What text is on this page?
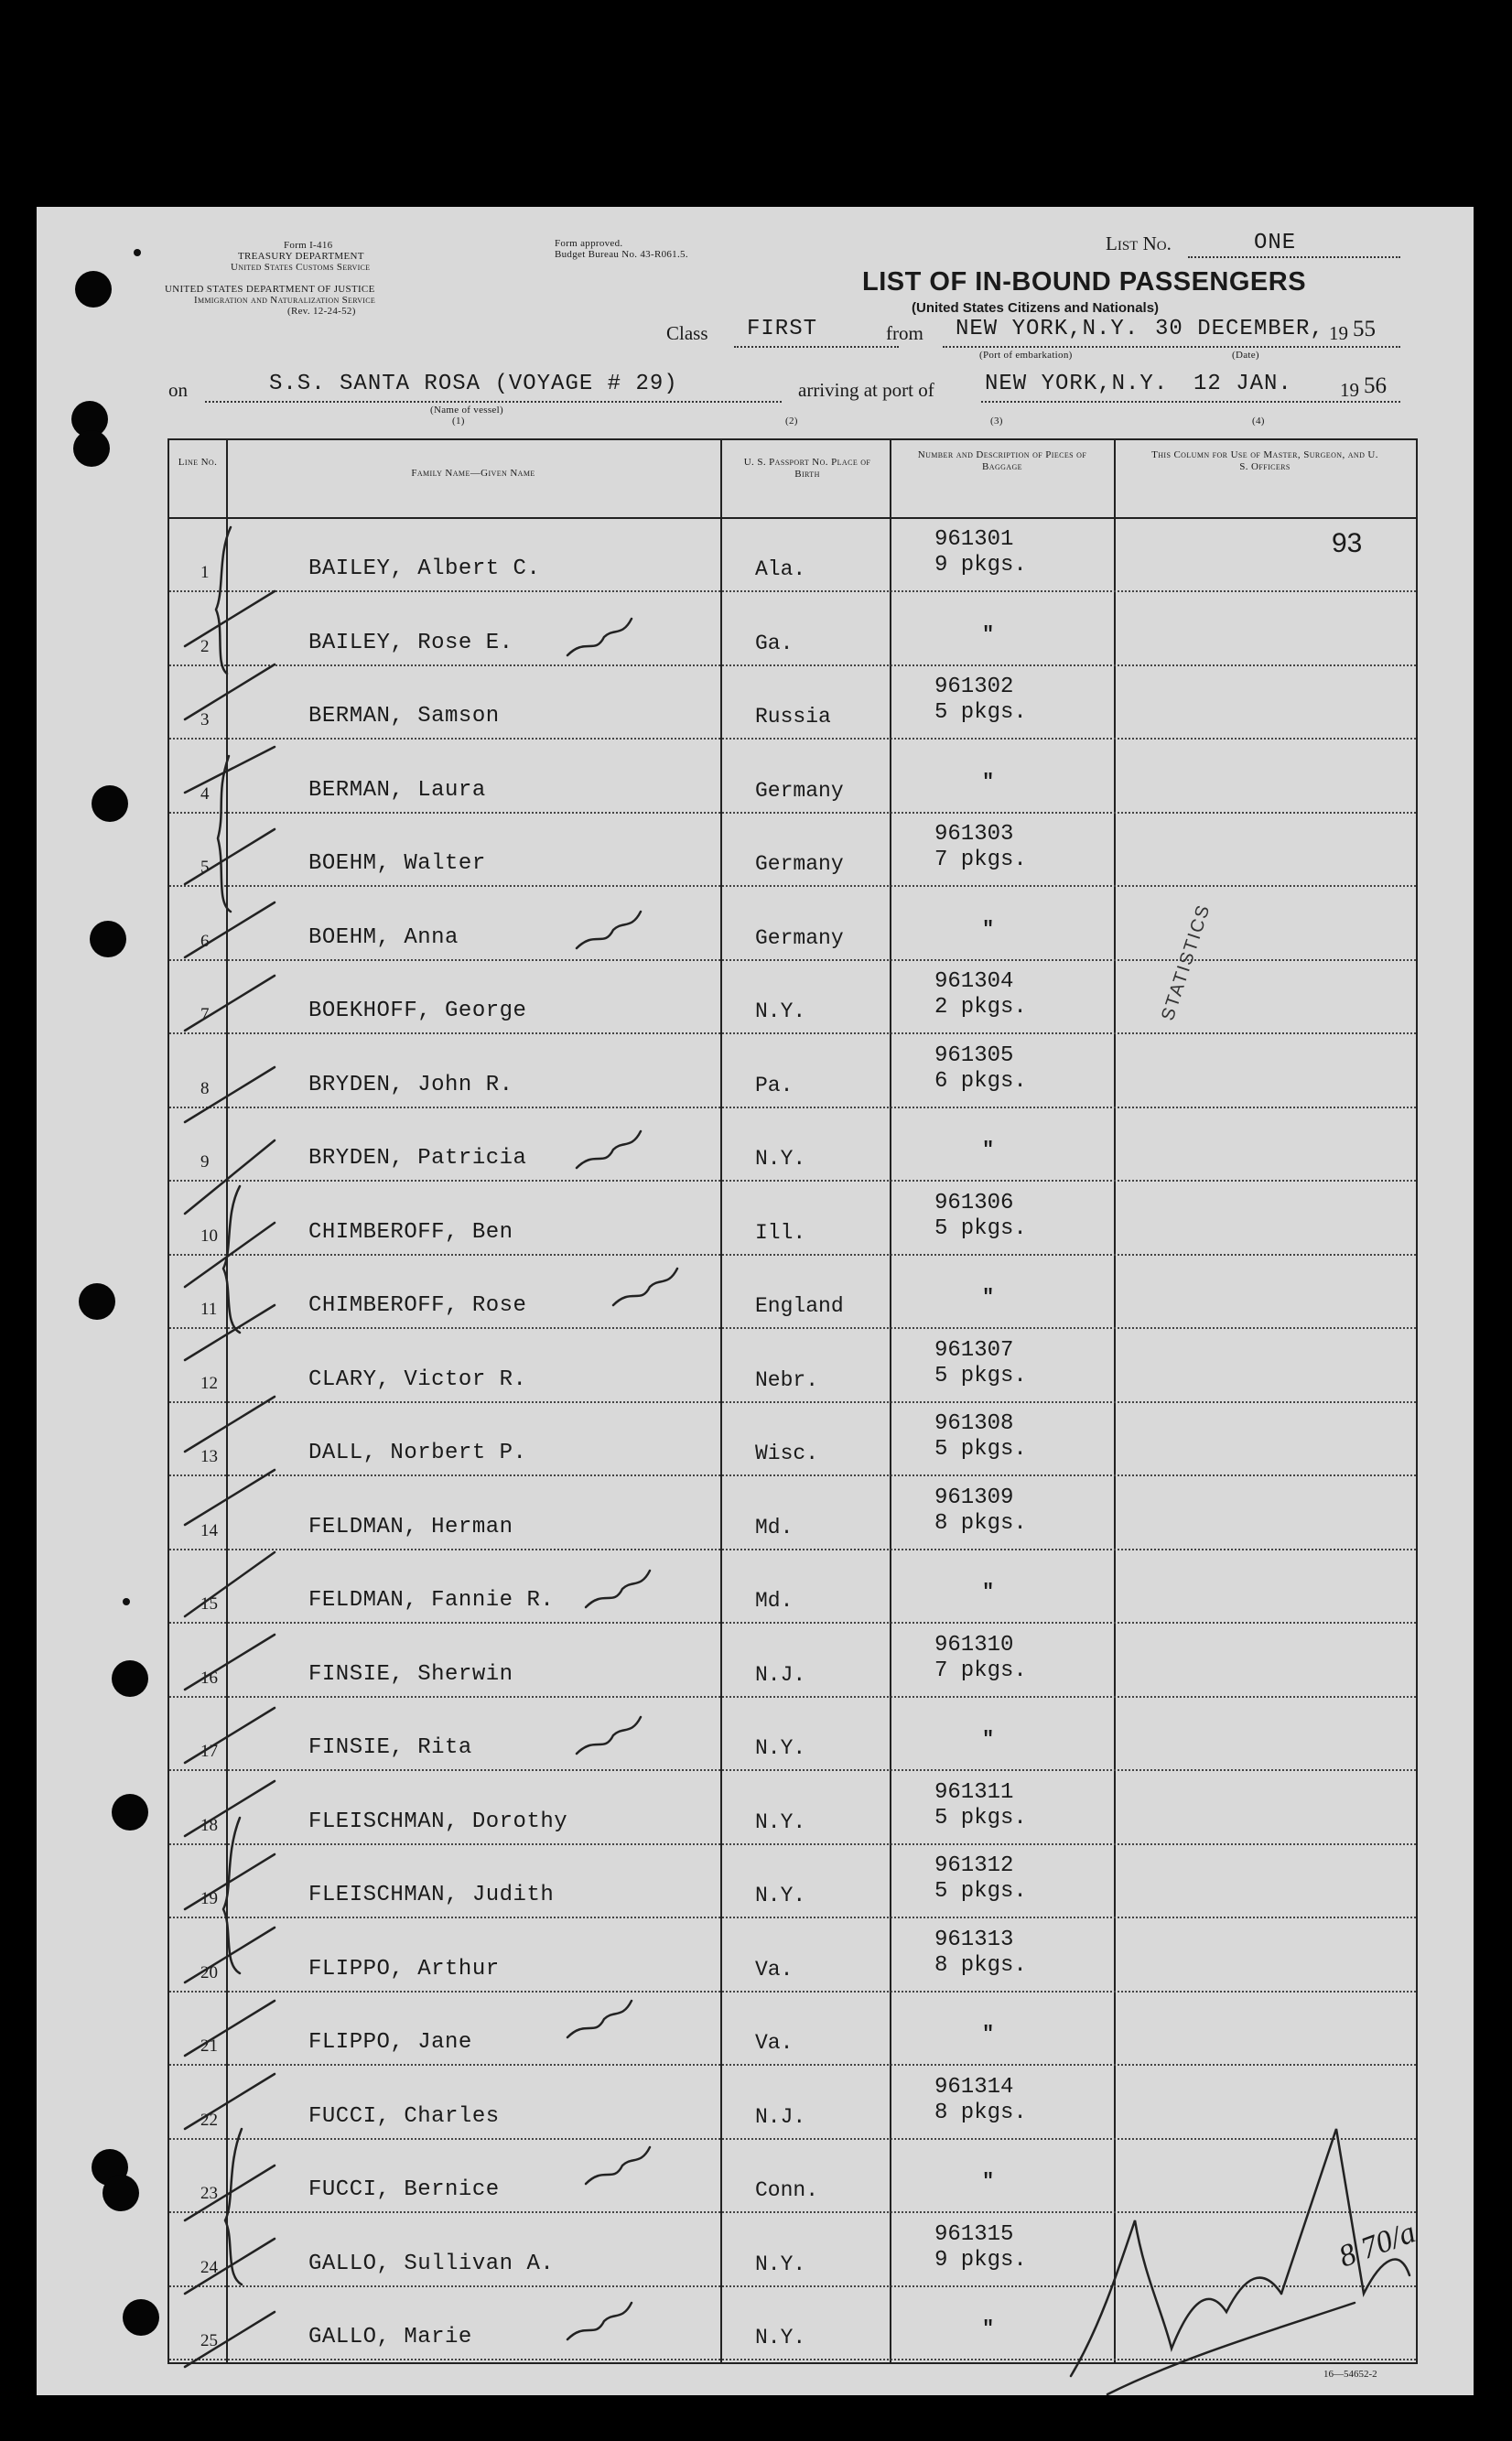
Form I-416
TREASURY DEPARTMENT
United States Customs Service
UNITED STATES DEPARTMENT OF JUSTICE
Immigration and Naturalization Service
(Rev. 12-24-52)
Form approved.
Budget Bureau No. 43-R061.5.	List No.	ONE
LIST OF IN-BOUND PASSENGERS
(United States Citizens and Nationals)
Class FIRST	from NEW YORK,N.Y. 30 DECEMBER, 19 55
(Port of embarkation)	(Date)
on	S.S. SANTA ROSA (VOYAGE # 29)
(Name of vessel)
(1)	(2)
arriving at port of NEW YORK,N.Y. 12 JAN. 19 56
(3)	(4)
Line No.
Family Name—Given Name
U. S. Passport No. Place of Birth
Number and Description of Pieces of Baggage
This Column for Use of Master, Surgeon, and U. S. Officers
1	BAILEY, Albert C.	Ala.
961301
9 pkgs.
2	BAILEY, Rose E.	Ga.	"
3	BERMAN, Samson	Russia
961302
5 pkgs.
4	BERMAN, Laura	Germany	"
5	BOEHM, Walter	Germany
961303
7 pkgs.
6	BOEHM, Anna	Germany	"
7	BOEKHOFF, George	N.Y.
961304
2 pkgs.
8	BRYDEN, John R.	Pa.
961305
6 pkgs.
9	BRYDEN, Patricia	N.Y.	"
10	CHIMBEROFF, Ben	Ill.
961306
5 pkgs.
11	CHIMBEROFF, Rose	England	"
12	CLARY, Victor R.	Nebr.
961307
5 pkgs.
13	DALL, Norbert P.	Wisc.
961308
5 pkgs.
14	FELDMAN, Herman	Md.
961309
8 pkgs.
15	FELDMAN, Fannie R.	Md.	"
16	FINSIE, Sherwin	N.J.
961310
7 pkgs.
17	FINSIE, Rita	N.Y.	"
18	FLEISCHMAN, Dorothy	N.Y.
961311
5 pkgs.
19	FLEISCHMAN, Judith	N.Y.
961312
5 pkgs.
20	FLIPPO, Arthur	Va.
961313
8 pkgs.
21	FLIPPO, Jane	Va.	"
22	FUCCI, Charles	N.J.
961314
8 pkgs.
23	FUCCI, Bernice	Conn.	"
24	GALLO, Sullivan A.	N.Y.
961315
9 pkgs.
25	GALLO, Marie	N.Y.	"
93
STATISTICS
8 70/a
16—54652-2
